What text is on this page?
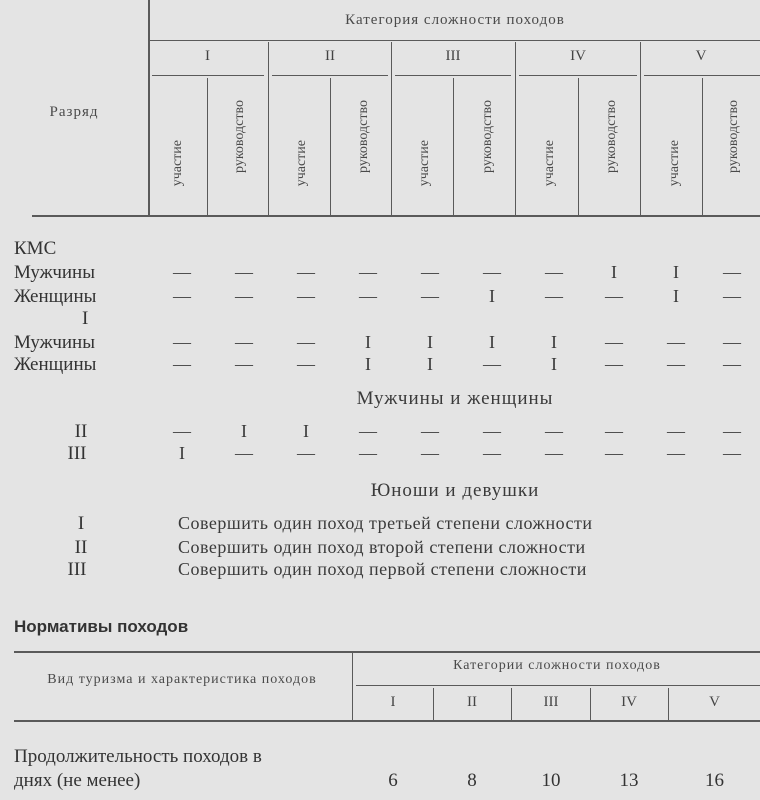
Категория сложности походов
Разряд
I	II	III	IV	V
участие	руководство	участие	руководство	участие	руководство	участие	руководство	участие	руководство
КМС
Мужчины	—	—	—	—	—	—	—	I	I	—
Женщины	—	—	—	—	—	I	—	—	I	—
I
Мужчины	—	—	—	I	I	I	I	—	—	—
Женщины	—	—	—	I	I	—	I	—	—	—
Мужчины и женщины
II	—	I	I	—	—	—	—	—	—	—
III	I	—	—	—	—	—	—	—	—	—
Юноши и девушки
I	Совершить один поход третьей степени сложности
II	Совершить один поход второй степени сложности
III	Совершить один поход первой степени сложности
Нормативы походов
Вид туризма и характеристика походов
Категории сложности походов
I	II	III	IV	V
Продолжительность походов в
днях (не менее)	6	8	10	13	16
